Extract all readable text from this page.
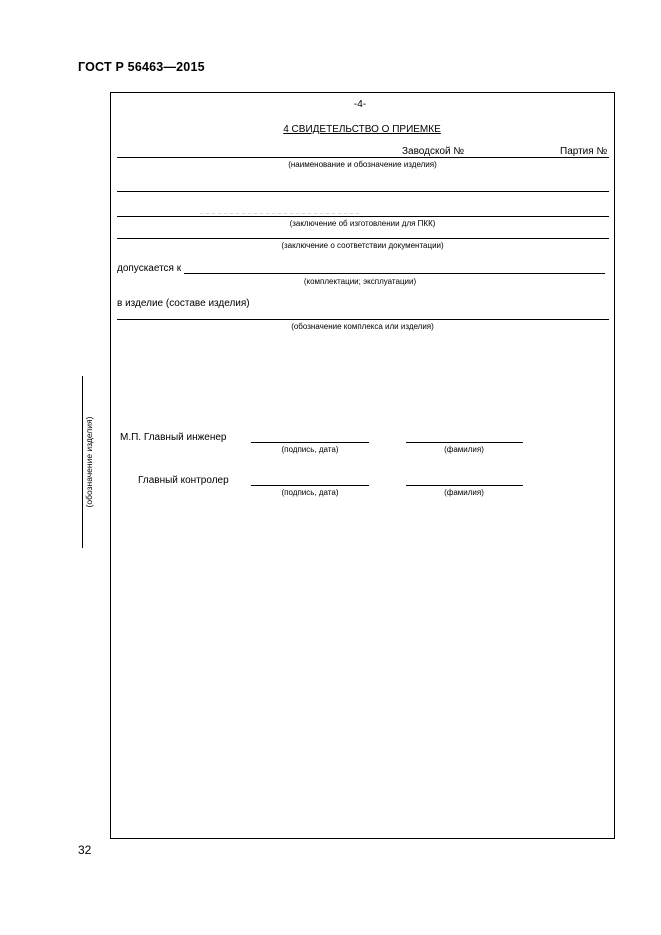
ГОСТ Р 56463—2015
(обозначение изделия)
-4-
4 СВИДЕТЕЛЬСТВО О ПРИЕМКЕ
Заводской №	Партия №
(наименование и обозначение изделия)
(заключение об изготовлении для ПКК)
(заключение о соответствии документации)
допускается к
(комплектации; эксплуатации)
в изделие (составе изделия)
(обозначение комплекса или изделия)
М.П. Главный инженер
(подпись, дата)	(фамилия)
Главный контролер
(подпись, дата)	(фамилия)
32
